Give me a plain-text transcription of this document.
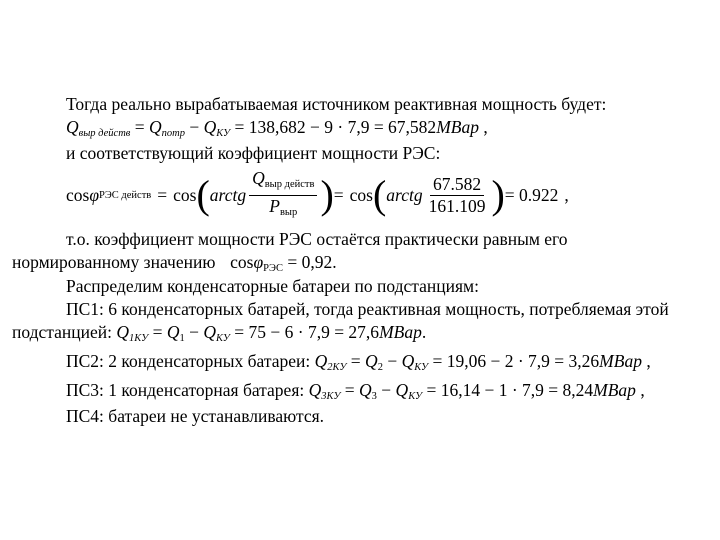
Тогда реально вырабатываемая источником реактивная мощность будет:
$Q_{выр действ} = Q_{потр} - Q_{КУ} = 138,682 - 9 \cdot 7,9$ = 67,582МВар ,
и соответствующий коэффициент мощности РЭС:
cos φ РЭС действ = cos ( arctg $\frac{Q_{выр действ}}{P_{выр}}$ ) = cos ( arctg $\frac{67.582}{161.109}$ ) = 0.922 ,
т.о. коэффициент мощности РЭС остаётся практически равным его
нормированному значению cosφ$_{РЭС}$ = 0,92.
Распределим конденсаторные батареи по подстанциям:
ПС1: 6 конденсаторных батарей, тогда реактивная мощность, потребляемая этой
подстанцией: $Q_{1КУ} = Q_1 - Q_{КУ} = 75 - 6 \cdot 7,9$ = 27,6МВар.
ПС2: 2 конденсаторных батареи: $Q_{2КУ} = Q_2 - Q_{КУ} = 19,06 - 2 \cdot 7,9$ = 3,26МВар ,
ПС3: 1 конденсаторная батарея: $Q_{3КУ} = Q_3 - Q_{КУ} = 16,14 - 1 \cdot 7,9$ = 8,24МВар ,
ПС4: батареи не устанавливаются.
